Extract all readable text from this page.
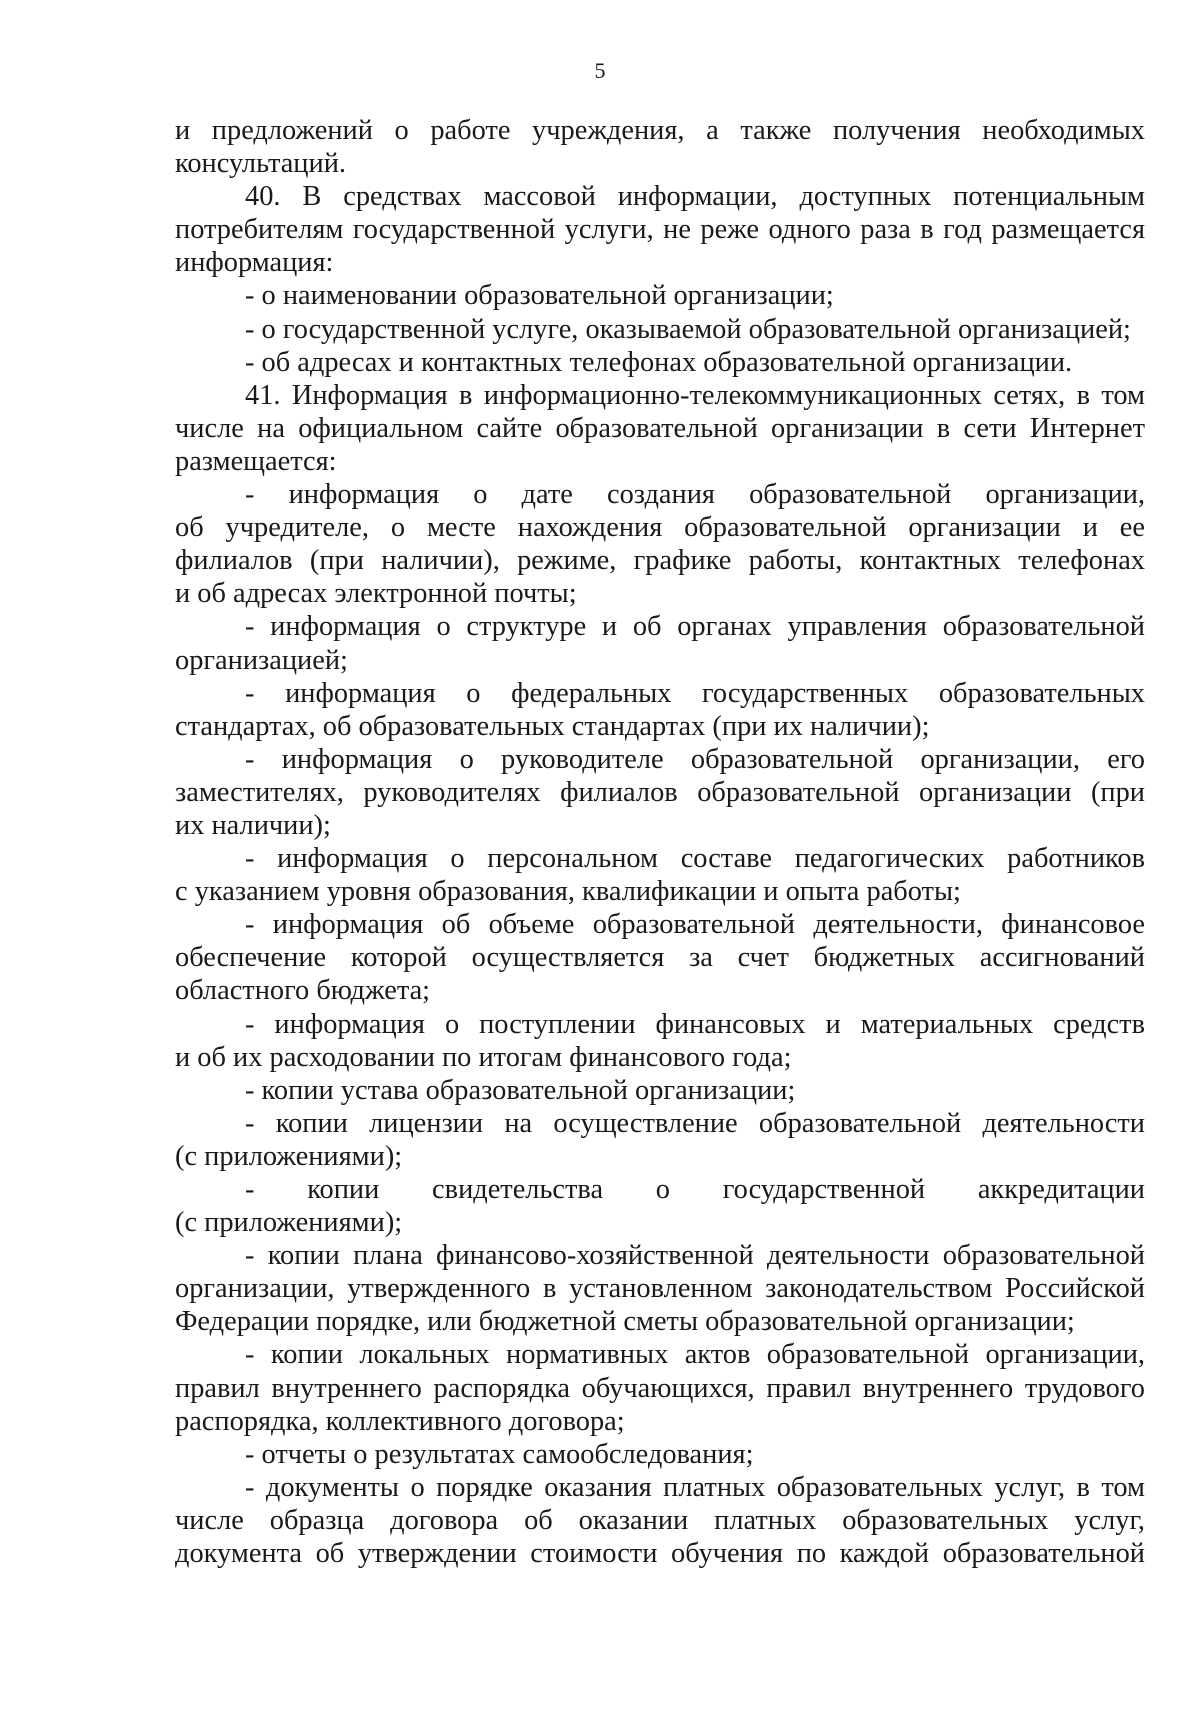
5
и предложений о работе учреждения, а также получения необходимых
консультаций.
40. В средствах массовой информации, доступных потенциальным
потребителям государственной услуги, не реже одного раза в год размещается
информация:
- о наименовании образовательной организации;
- о государственной услуге, оказываемой образовательной организацией;
- об адресах и контактных телефонах образовательной организации.
41. Информация в информационно-телекоммуникационных сетях, в том
числе на официальном сайте образовательной организации в сети Интернет
размещается:
- информация о дате создания образовательной организации,
об учредителе, о месте нахождения образовательной организации и ее
филиалов (при наличии), режиме, графике работы, контактных телефонах
и об адресах электронной почты;
- информация о структуре и об органах управления образовательной
организацией;
- информация о федеральных государственных образовательных
стандартах, об образовательных стандартах (при их наличии);
- информация о руководителе образовательной организации, его
заместителях, руководителях филиалов образовательной организации (при
их наличии);
- информация о персональном составе педагогических работников
с указанием уровня образования, квалификации и опыта работы;
- информация об объеме образовательной деятельности, финансовое
обеспечение которой осуществляется за счет бюджетных ассигнований
областного бюджета;
- информация о поступлении финансовых и материальных средств
и об их расходовании по итогам финансового года;
- копии устава образовательной организации;
- копии лицензии на осуществление образовательной деятельности
(с приложениями);
- копии свидетельства о государственной аккредитации
(с приложениями);
- копии плана финансово-хозяйственной деятельности образовательной
организации, утвержденного в установленном законодательством Российской
Федерации порядке, или бюджетной сметы образовательной организации;
- копии локальных нормативных актов образовательной организации,
правил внутреннего распорядка обучающихся, правил внутреннего трудового
распорядка, коллективного договора;
- отчеты о результатах самообследования;
- документы о порядке оказания платных образовательных услуг, в том
числе образца договора об оказании платных образовательных услуг,
документа об утверждении стоимости обучения по каждой образовательной
